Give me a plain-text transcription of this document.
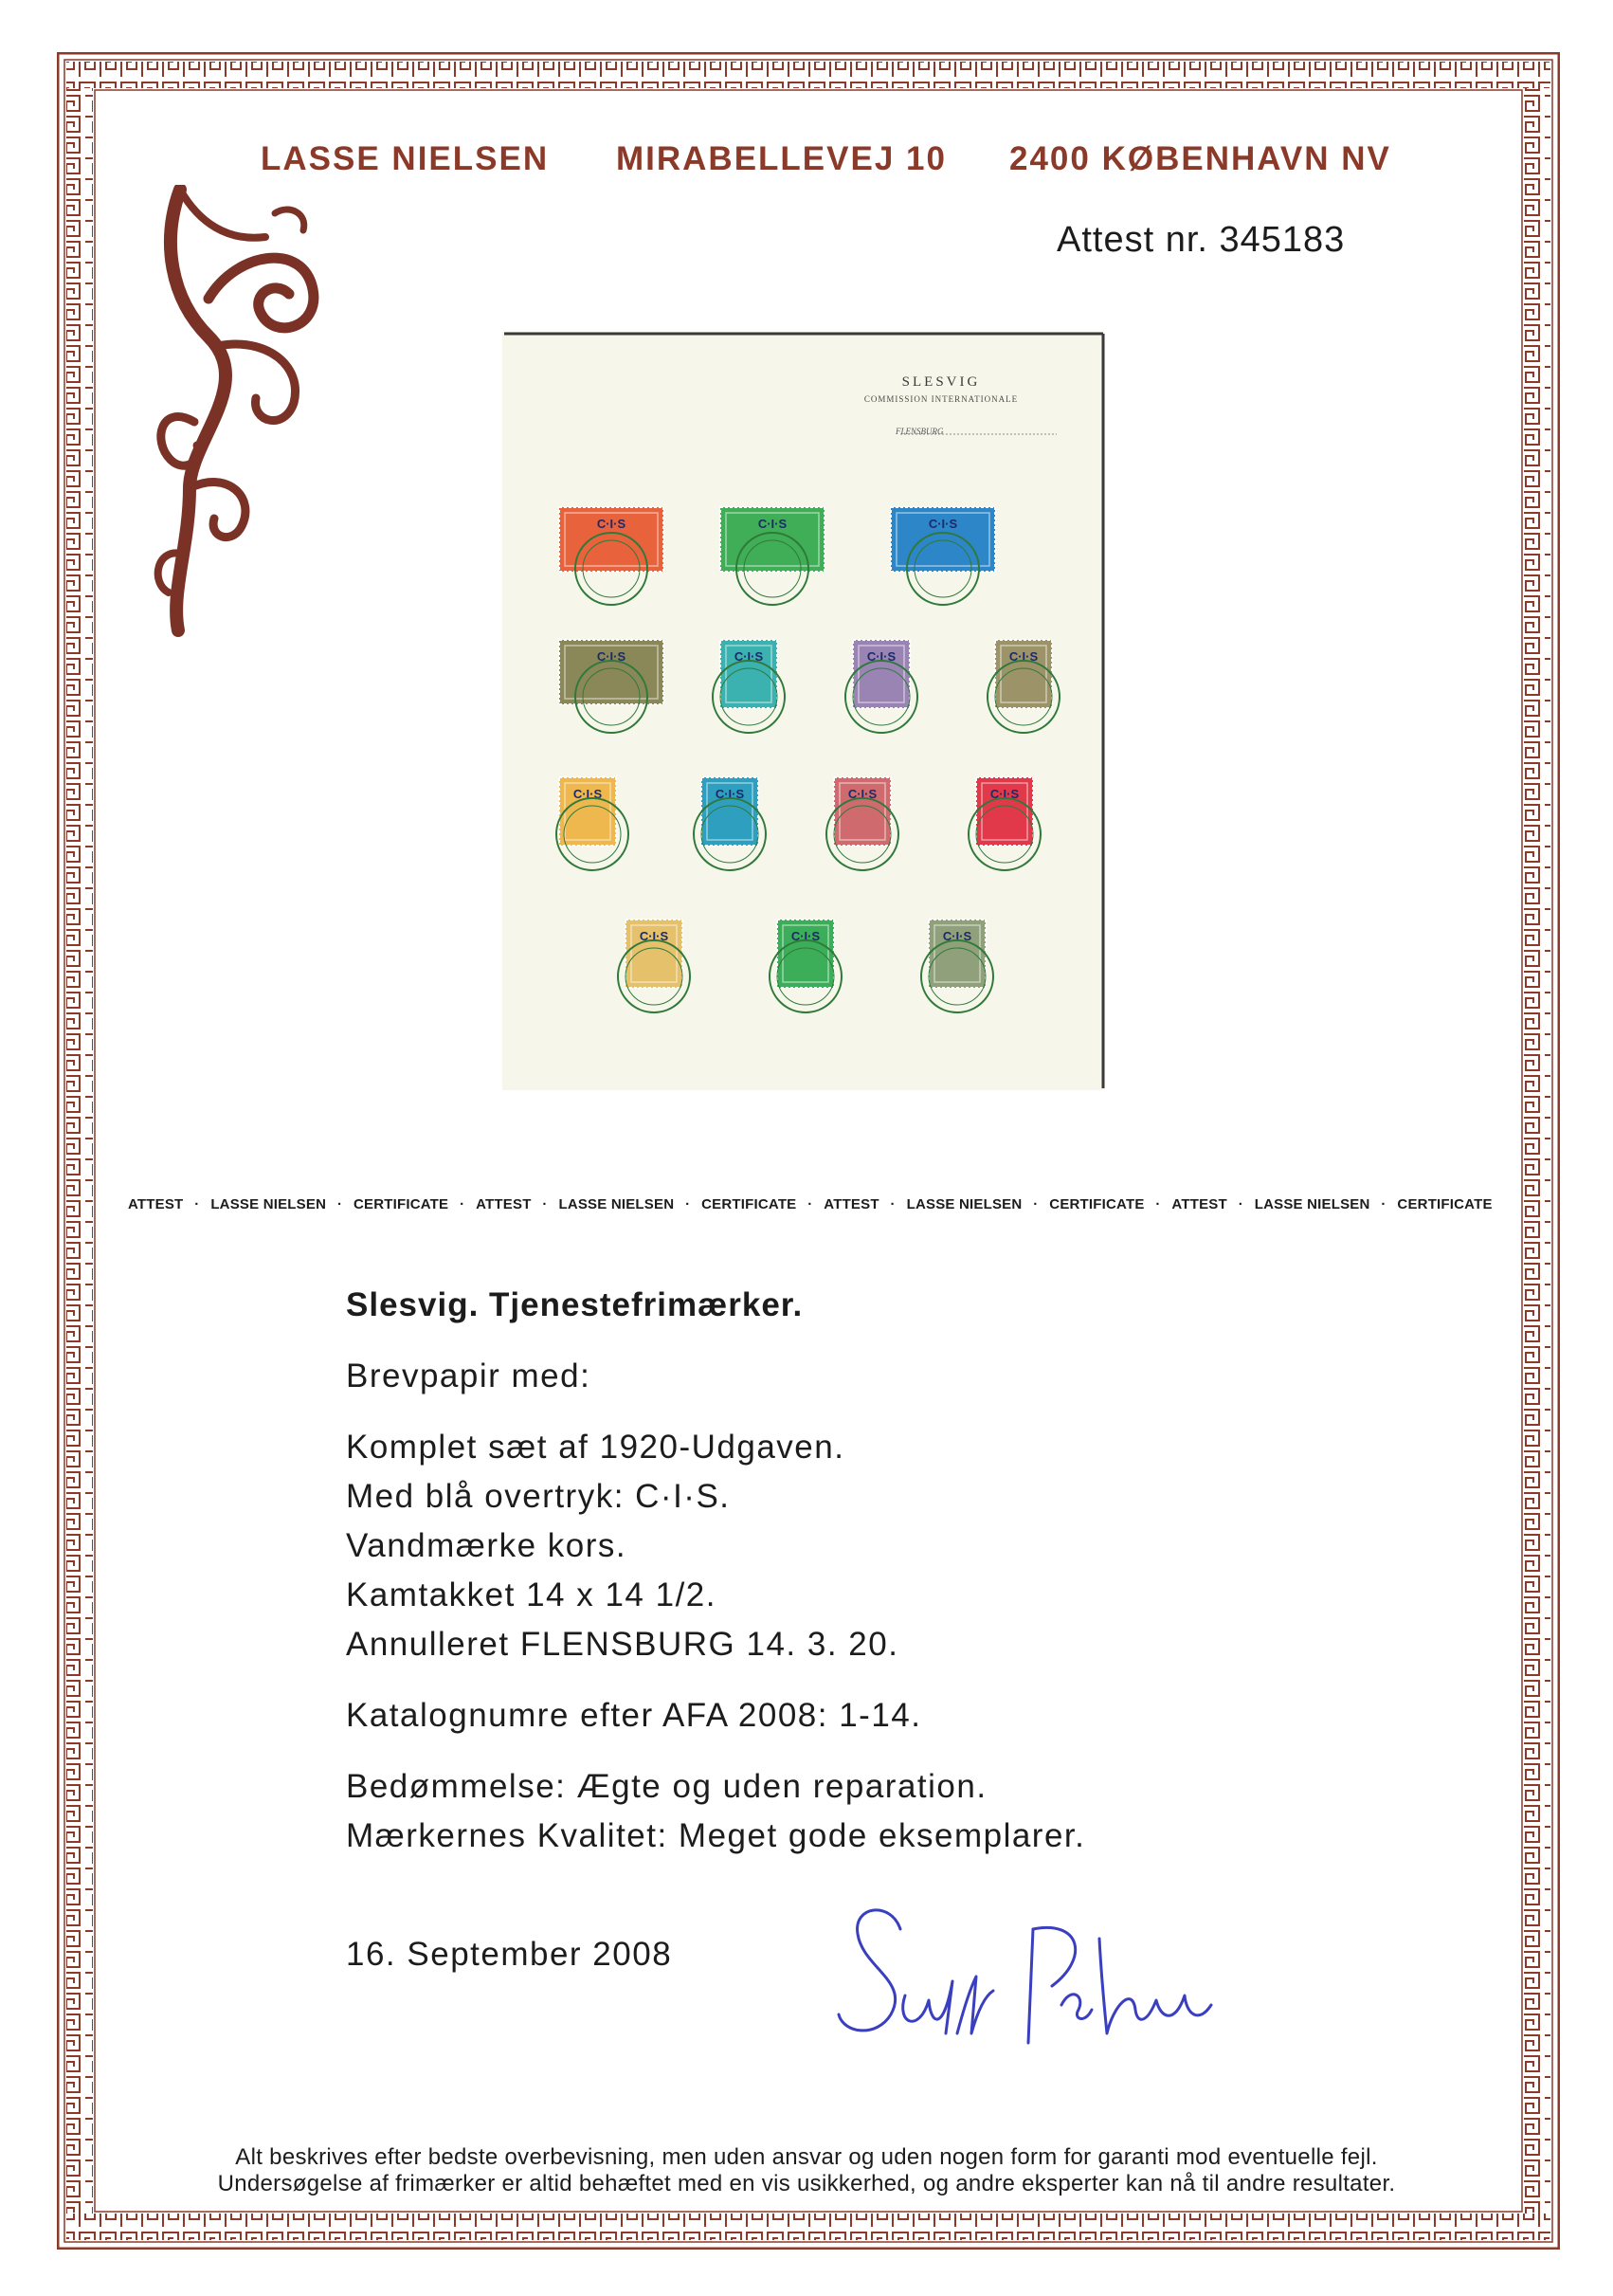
LASSE NIELSEN MIRABELLEVEJ 10 2400 KØBENHAVN NV
Attest nr. 345183
C·I·S	C·I·S	C·I·S
C·I·S	C·I·S	C·I·S	C·I·S
C·I·S	C·I·S	C·I·S	C·I·S
C·I·S	C·I·S	C·I·S
SLESVIG
COMMISSION INTERNATIONALE
FLENSBURG
ATTEST · LASSE NIELSEN · CERTIFICATE · ATTEST · LASSE NIELSEN · CERTIFICATE · ATTEST · LASSE NIELSEN · CERTIFICATE · ATTEST · LASSE NIELSEN · CERTIFICATE
Slesvig. Tjenestefrimærker.
Brevpapir med:
Komplet sæt af 1920-Udgaven.
Med blå overtryk: C·I·S.
Vandmærke kors.
Kamtakket 14 x 14 1/2.
Annulleret FLENSBURG 14. 3. 20.
Katalognumre efter AFA 2008: 1-14.
Bedømmelse: Ægte og uden reparation.
Mærkernes Kvalitet: Meget gode eksemplarer.
16. September 2008
Alt beskrives efter bedste overbevisning, men uden ansvar og uden nogen form for garanti mod eventuelle fejl.
Undersøgelse af frimærker er altid behæftet med en vis usikkerhed, og andre eksperter kan nå til andre resultater.
